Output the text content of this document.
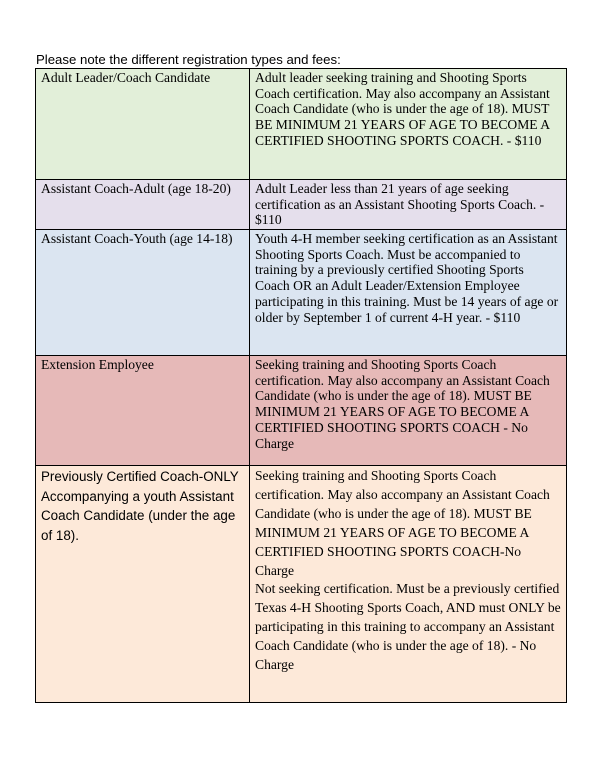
Please note the different registration types and fees:
Adult Leader/Coach Candidate	Adult leader seeking training and Shooting Sports Coach certification. May also accompany an Assistant Coach Candidate (who is under the age of 18). MUST BE MINIMUM 21 YEARS OF AGE TO BECOME A CERTIFIED SHOOTING SPORTS COACH. - $110
Assistant Coach-Adult (age 18-20)	Adult Leader less than 21 years of age seeking certification as an Assistant Shooting Sports Coach. - $110
Assistant Coach-Youth (age 14-18)	Youth 4-H member seeking certification as an Assistant Shooting Sports Coach. Must be accompanied to training by a previously certified Shooting Sports Coach OR an Adult Leader/Extension Employee participating in this training. Must be 14 years of age or older by September 1 of current 4-H year. - $110
Extension Employee	Seeking training and Shooting Sports Coach certification. May also accompany an Assistant Coach Candidate (who is under the age of 18). MUST BE MINIMUM 21 YEARS OF AGE TO BECOME A CERTIFIED SHOOTING SPORTS COACH - No Charge
Previously Certified Coach-ONLY Accompanying a youth Assistant Coach Candidate (under the age of 18).	Seeking training and Shooting Sports Coach certification. May also accompany an Assistant Coach Candidate (who is under the age of 18). MUST BE MINIMUM 21 YEARS OF AGE TO BECOME A CERTIFIED SHOOTING SPORTS COACH-No Charge
Not seeking certification. Must be a previously certified Texas 4-H Shooting Sports Coach, AND must ONLY be participating in this training to accompany an Assistant Coach Candidate (who is under the age of 18). - No Charge
